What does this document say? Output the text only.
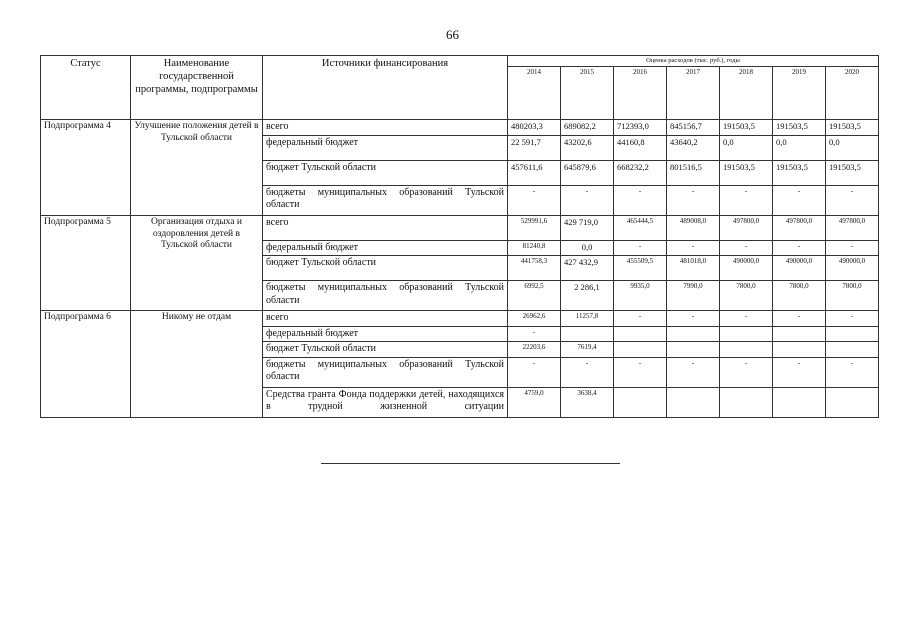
66
Статус	Наименование государственной программы, подпрограммы	Источники финансирования	Оценка расходов (тыс. руб.), годы						
			2014	2015	2016	2017	2018	2019	2020
Подпрограмма 4	Улучшение положения детей в Тульской области	всего	480203,3	689082,2	712393,0	845156,7	191503,5	191503,5	191503,5
		федеральный бюджет	22 591,7	43202,6	44160,8	43640,2	0,0	0,0	0,0
		бюджет Тульской области	457611,6	645879,6	668232,2	801516,5	191503,5	191503,5	191503,5
		бюджеты муниципальных образований Тульской области	-	-	-	-	-	-	-
Подпрограмма 5	Организация отдыха и оздоровления детей в Тульской области	всего	529991,6	429 719,0	465444,5	489008,0	497800,0	497800,0	497800,0
		федеральный бюджет	81240,8	0,0	-	-	-	-	-
		бюджет Тульской области	441758,3	427 432,9	455509,5	481018,0	490000,0	490000,0	490000,0
		бюджеты муниципальных образований Тульской области	6992,5	2 286,1	9935,0	7990,0	7800,0	7800,0	7800,0
Подпрограмма 6	Никому не отдам	всего	26962,6	11257,8	-	-	-	-	-
		федеральный бюджет	-						
		бюджет Тульской области	22203,6	7619,4					
		бюджеты муниципальных образований Тульской области	-	-	-	-	-	-	-
		Средства гранта Фонда поддержки детей, находящихся в трудной жизненной ситуации	4759,0	3638,4					
